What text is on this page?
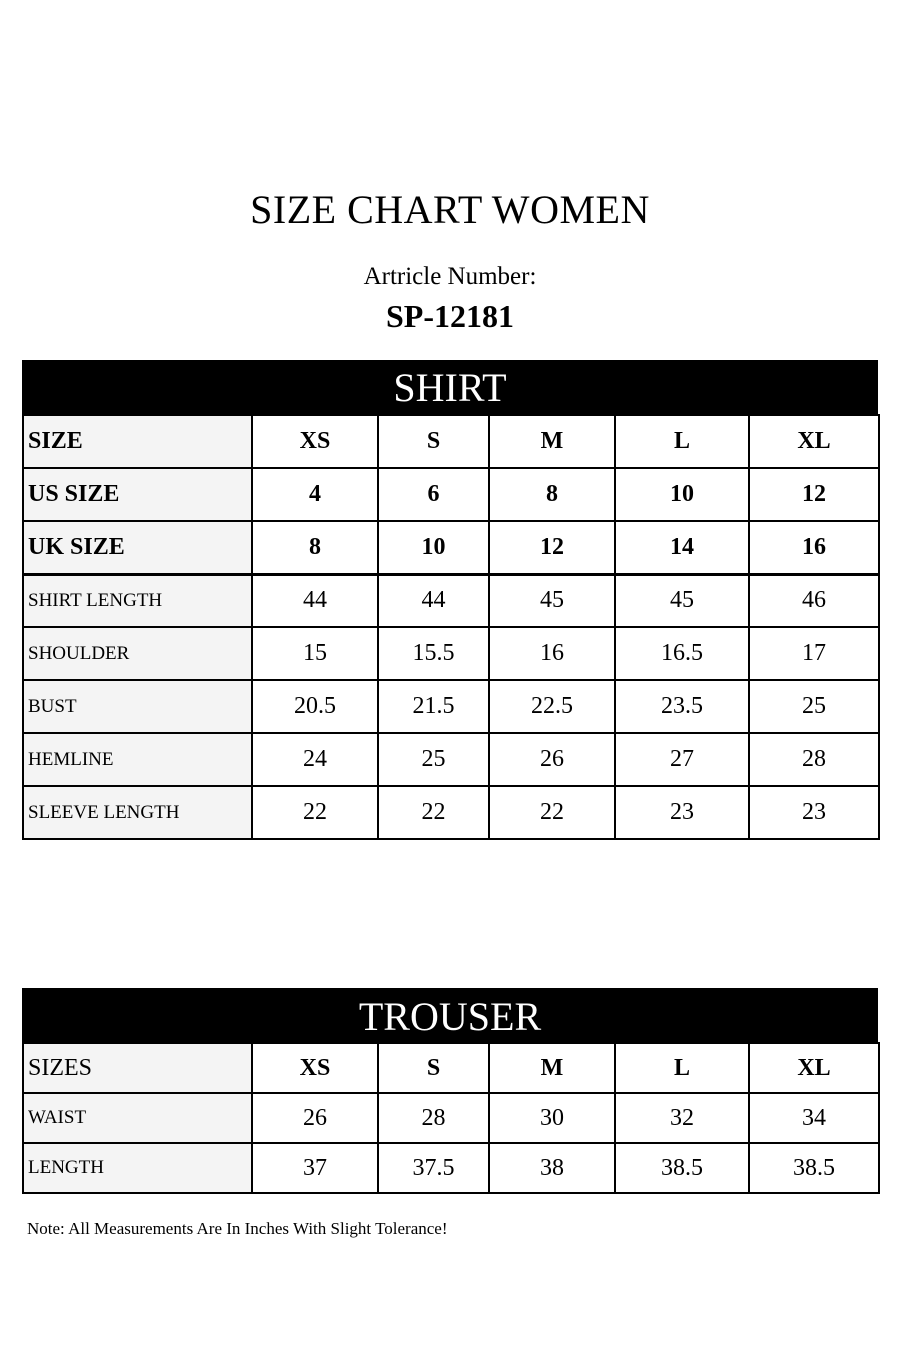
SIZE CHART WOMEN
Artricle Number:
SP-12181
SHIRT
SIZE	XS	S	M	L	XL
US SIZE	4	6	8	10	12
UK SIZE	8	10	12	14	16
SHIRT LENGTH	44	44	45	45	46
SHOULDER	15	15.5	16	16.5	17
BUST	20.5	21.5	22.5	23.5	25
HEMLINE	24	25	26	27	28
SLEEVE LENGTH	22	22	22	23	23
TROUSER
SIZES	XS	S	M	L	XL
WAIST	26	28	30	32	34
LENGTH	37	37.5	38	38.5	38.5
Note: All Measurements Are In Inches With Slight Tolerance!
